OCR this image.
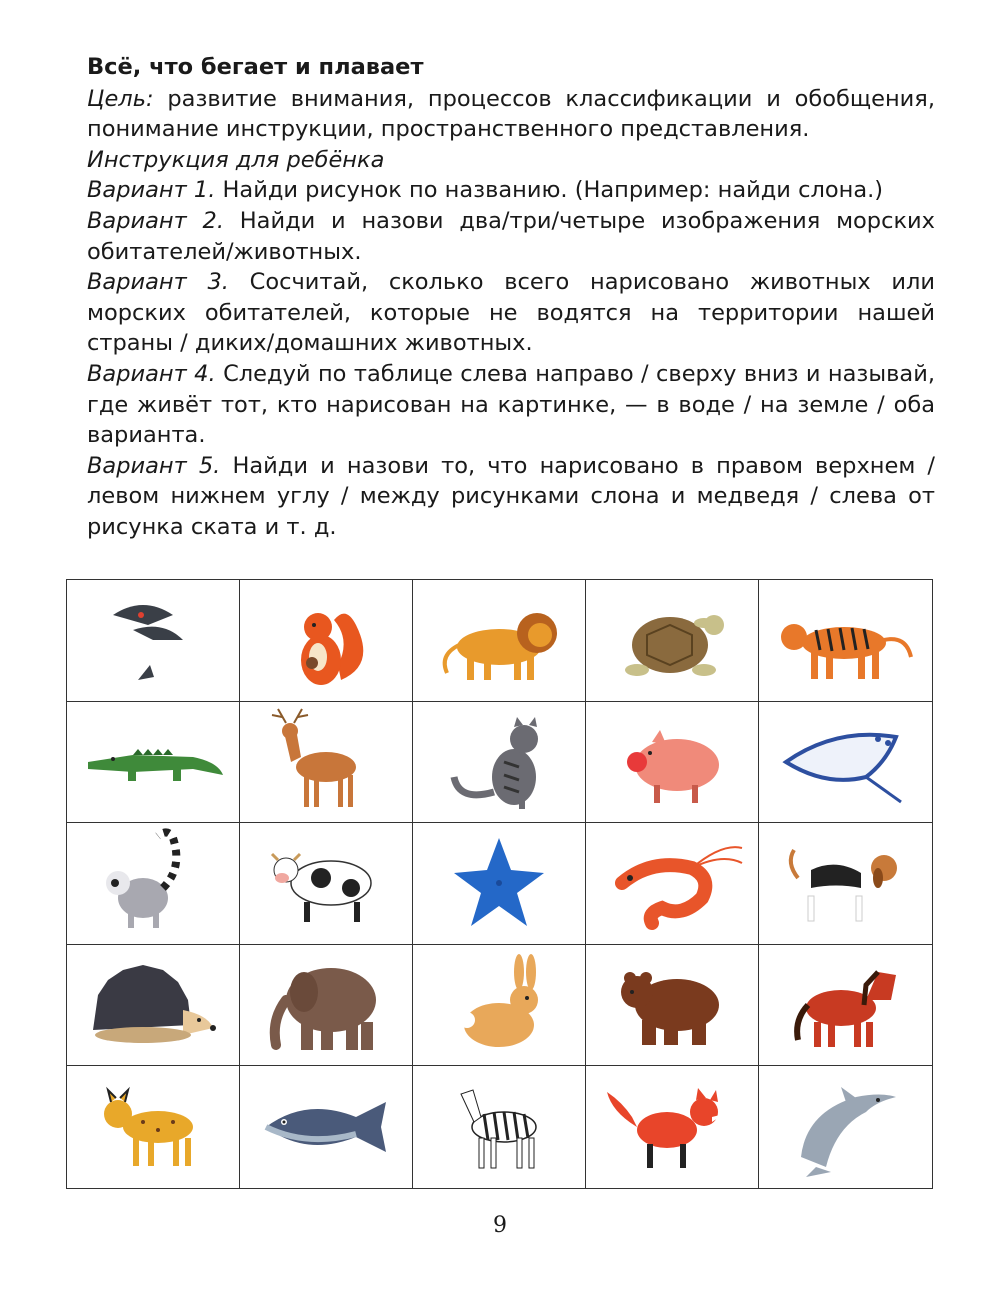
Всё, что бегает и плавает

Цель: развитие внимания, процессов классификации и обобщения, понимание инструкции, пространственного представления.

Инструкция для ребёнка

Вариант 1. Найди рисунок по названию. (Например: найди слона.)

Вариант 2. Найди и назови два/три/четыре изображения морских обитателей/животных.

Вариант 3. Сосчитай, сколько всего нарисовано животных или морских обитателей, которые не водятся на территории нашей страны / диких/домашних животных.

Вариант 4. Следуй по таблице слева направо / сверху вниз и называй, где живёт тот, кто нарисован на картинке, — в воде / на земле / оба варианта.

Вариант 5. Найди и назови то, что нарисовано в правом верхнем / левом нижнем углу / между рисунками слона и медведя / слева от рисунка ската и т. д.

9
